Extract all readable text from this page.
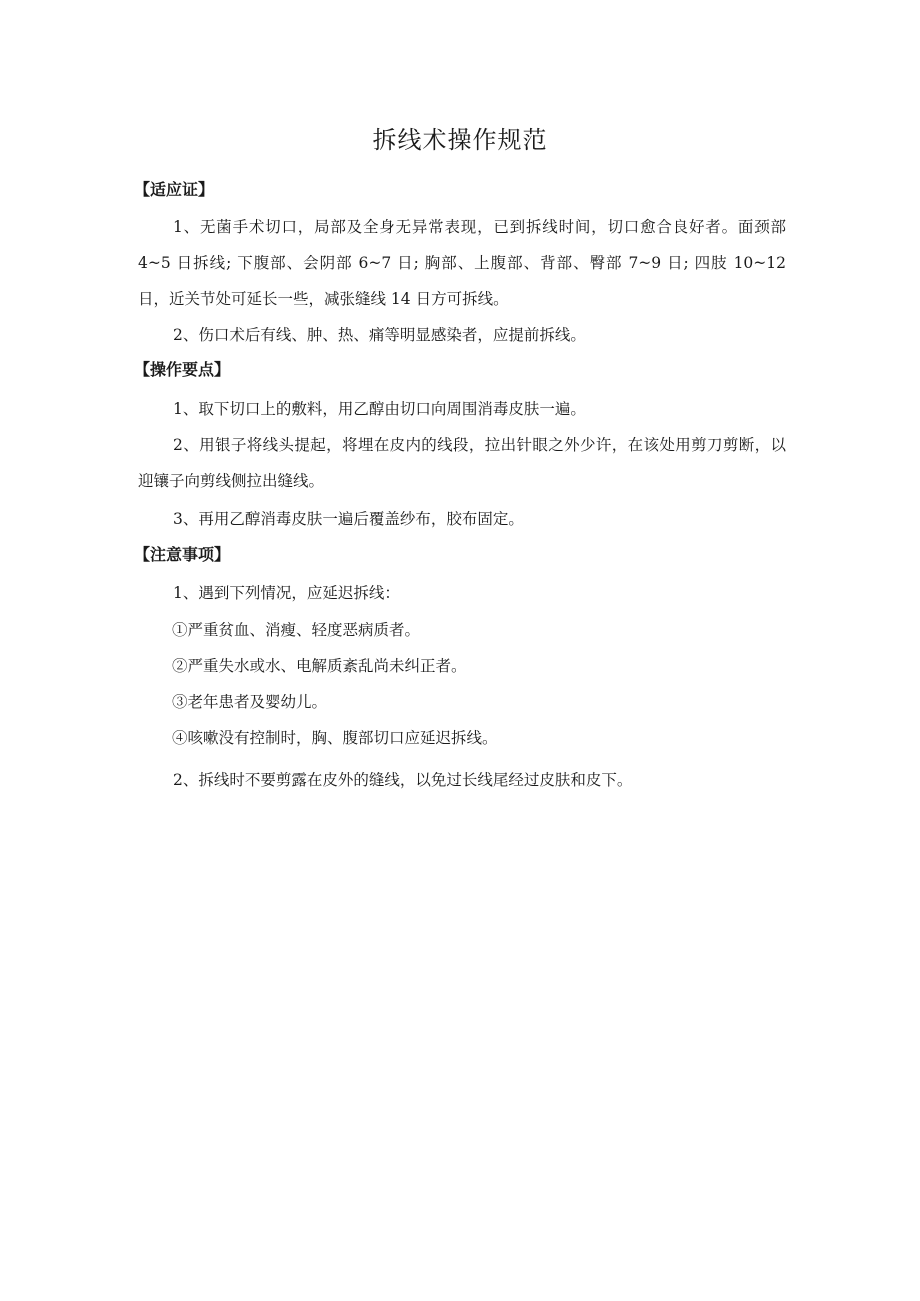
拆线术操作规范
【适应证】

1、无菌手术切口，局部及全身无异常表现，已到拆线时间，切口愈合良好者。面颈部 4~5 日拆线; 下腹部、会阴部 6~7 日; 胸部、上腹部、背部、臀部 7~9 日; 四肢 10~12 日，近关节处可延长一些，减张缝线 14 日方可拆线。

2、伤口术后有线、肿、热、痛等明显感染者，应提前拆线。

【操作要点】

1、取下切口上的敷料，用乙醇由切口向周围消毒皮肤一遍。

2、用银子将线头提起，将埋在皮内的线段，拉出针眼之外少许，在该处用剪刀剪断，以迎镶子向剪线侧拉出缝线。

3、再用乙醇消毒皮肤一遍后覆盖纱布，胶布固定。

【注意事项】

1、遇到下列情况，应延迟拆线：

①严重贫血、消瘦、轻度恶病质者。

②严重失水或水、电解质紊乱尚未纠正者。

③老年患者及婴幼儿。

④咳嗽没有控制时，胸、腹部切口应延迟拆线。

2、拆线时不要剪露在皮外的缝线，以免过长线尾经过皮肤和皮下。
